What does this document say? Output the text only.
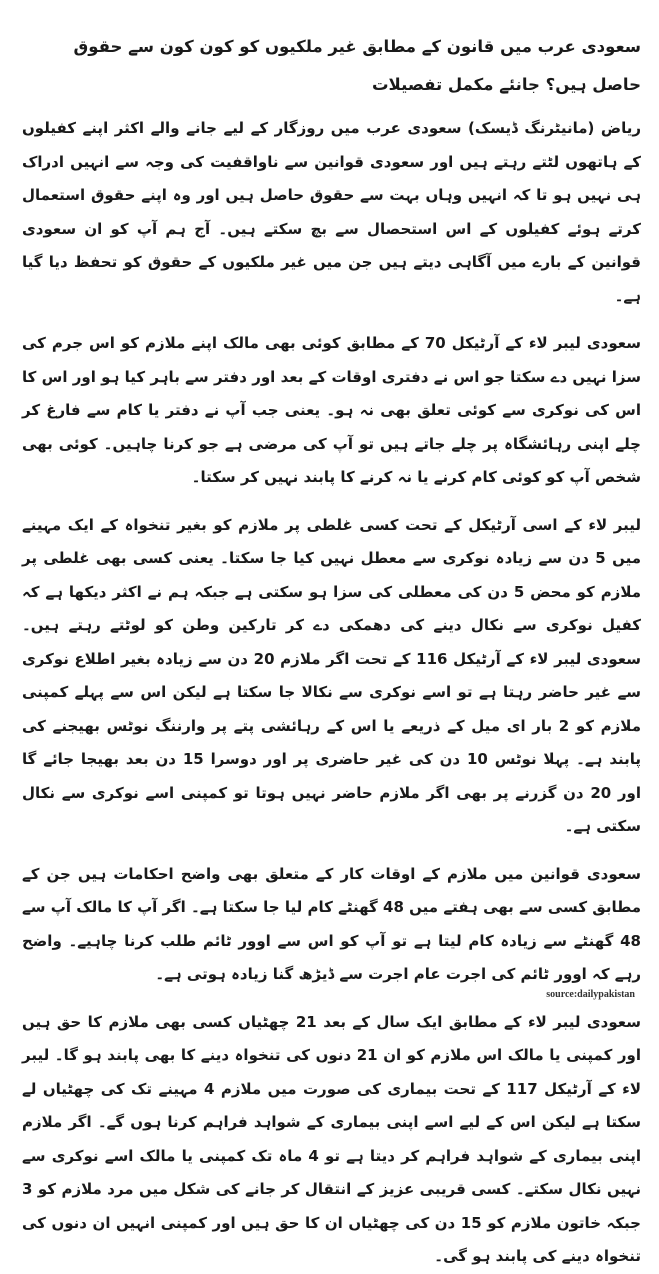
سعودی عرب میں قانون کے مطابق غیر ملکیوں کو کون کون سے حقوق حاصل ہیں؟ جانئے مکمل تفصیلات

ریاض (مانیٹرنگ ڈیسک) سعودی عرب میں روزگار کے لیے جانے والے اکثر اپنے کفیلوں کے ہاتھوں لٹتے رہتے ہیں اور سعودی قوانین سے ناواقفیت کی وجہ سے انہیں ادراک ہی نہیں ہو تا کہ انہیں وہاں بہت سے حقوق حاصل ہیں اور وہ اپنے حقوق استعمال کرتے ہوئے کفیلوں کے اس استحصال سے بچ سکتے ہیں۔ آج ہم آپ کو ان سعودی قوانین کے بارے میں آگاہی دیتے ہیں جن میں غیر ملکیوں کے حقوق کو تحفظ دیا گیا ہے۔

سعودی لیبر لاء کے آرٹیکل 70 کے مطابق کوئی بھی مالک اپنے ملازم کو اس جرم کی سزا نہیں دے سکتا جو اس نے دفتری اوقات کے بعد اور دفتر سے باہر کیا ہو اور اس کا اس کی نوکری سے کوئی تعلق بھی نہ ہو۔ یعنی جب آپ نے دفتر یا کام سے فارغ کر چلے اپنی رہائشگاہ پر چلے جاتے ہیں تو آپ کی مرضی ہے جو کرنا چاہیں۔ کوئی بھی شخص آپ کو کوئی کام کرنے یا نہ کرنے کا پابند نہیں کر سکتا۔

لیبر لاء کے اسی آرٹیکل کے تحت کسی غلطی پر ملازم کو بغیر تنخواہ کے ایک مہینے میں 5 دن سے زیادہ نوکری سے معطل نہیں کیا جا سکتا۔ یعنی کسی بھی غلطی پر ملازم کو محض 5 دن کی معطلی کی سزا ہو سکتی ہے جبکہ ہم نے اکثر دیکھا ہے کہ کفیل نوکری سے نکال دینے کی دھمکی دے کر تارکین وطن کو لوٹتے رہتے ہیں۔ سعودی لیبر لاء کے آرٹیکل 116 کے تحت اگر ملازم 20 دن سے زیادہ بغیر اطلاع نوکری سے غیر حاضر رہتا ہے تو اسے نوکری سے نکالا جا سکتا ہے لیکن اس سے پہلے کمپنی ملازم کو 2 بار ای میل کے ذریعے یا اس کے رہائشی پتے پر وارننگ نوٹس بھیجنے کی پابند ہے۔ پہلا نوٹس 10 دن کی غیر حاضری پر اور دوسرا 15 دن بعد بھیجا جائے گا اور 20 دن گزرنے پر بھی اگر ملازم حاضر نہیں ہوتا تو کمپنی اسے نوکری سے نکال سکتی ہے۔

سعودی قوانین میں ملازم کے اوقات کار کے متعلق بھی واضح احکامات ہیں جن کے مطابق کسی سے بھی ہفتے میں 48 گھنٹے کام لیا جا سکتا ہے۔ اگر آپ کا مالک آپ سے 48 گھنٹے سے زیادہ کام لیتا ہے تو آپ کو اس سے اوور ٹائم طلب کرنا چاہیے۔ واضح رہے کہ اوور ٹائم کی اجرت عام اجرت سے ڈیڑھ گنا زیادہ ہوتی ہے۔

سعودی لیبر لاء کے مطابق ایک سال کے بعد 21 چھٹیاں کسی بھی ملازم کا حق ہیں اور کمپنی یا مالک اس ملازم کو ان 21 دنوں کی تنخواہ دینے کا بھی پابند ہو گا۔ لیبر لاء کے آرٹیکل 117 کے تحت بیماری کی صورت میں ملازم 4 مہینے تک کی چھٹیاں لے سکتا ہے لیکن اس کے لیے اسے اپنی بیماری کے شواہد فراہم کرنا ہوں گے۔ اگر ملازم اپنی بیماری کے شواہد فراہم کر دیتا ہے تو 4 ماہ تک کمپنی یا مالک اسے نوکری سے نہیں نکال سکتے۔ کسی قریبی عزیز کے انتقال کر جانے کی شکل میں مرد ملازم کو 3 جبکہ خاتون ملازم کو 15 دن کی چھٹیاں ان کا حق ہیں اور کمپنی انہیں ان دنوں کی تنخواہ دینے کی پابند ہو گی۔

source:dailypakistan
